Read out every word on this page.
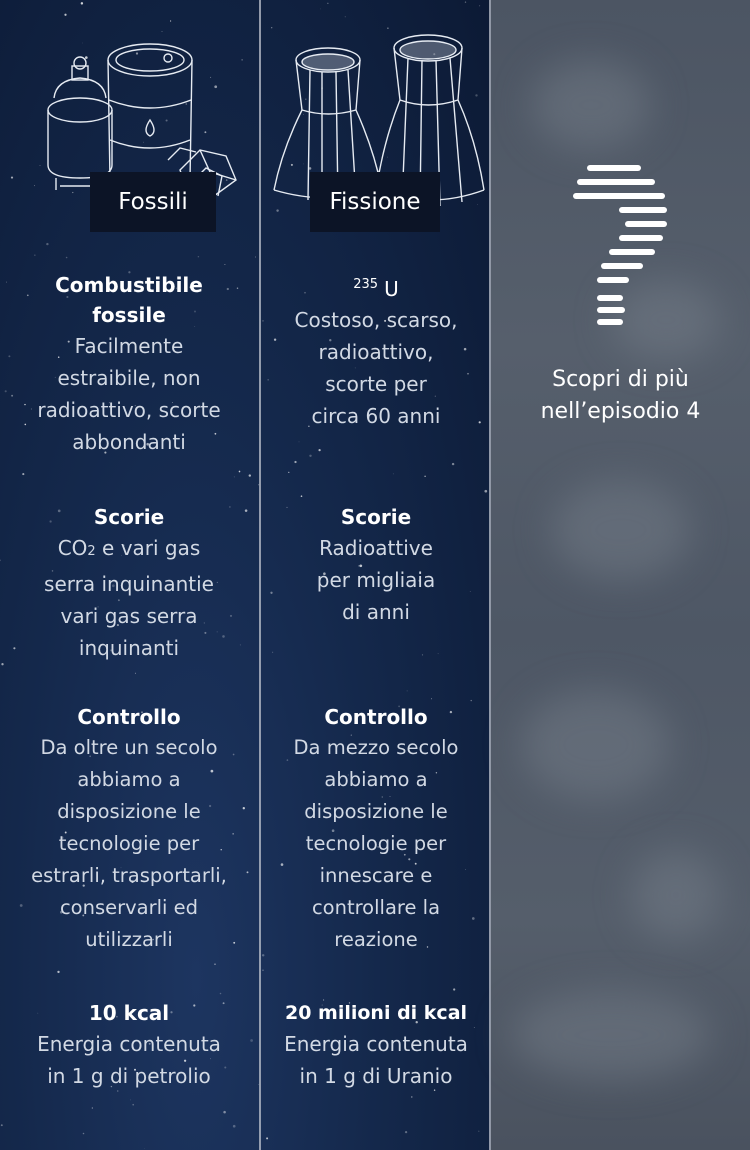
Fossili

Combustibile
fossile

Facilmente
estraibile, non
radioattivo, scorte
abbondanti

Scorie

CO2 e vari gas
serra inquinantie
vari gas serra
inquinanti

Controllo

Da oltre un secolo
abbiamo a
disposizione le
tecnologie per
estrarli, trasportarli,
conservarli ed
utilizzarli

10 kcal

Energia contenuta
in 1 g di petrolio

Fissione

$^{235}$ U

Costoso, scarso,
radioattivo,
scorte per
circa 60 anni

Scorie

Radioattive
per migliaia
di anni

Controllo

Da mezzo secolo
abbiamo a
disposizione le
tecnologie per
innescare e
controllare la
reazione

20 milioni di kcal

Energia contenuta
in 1 g di Uranio

Scopri di più
nell’episodio 4
